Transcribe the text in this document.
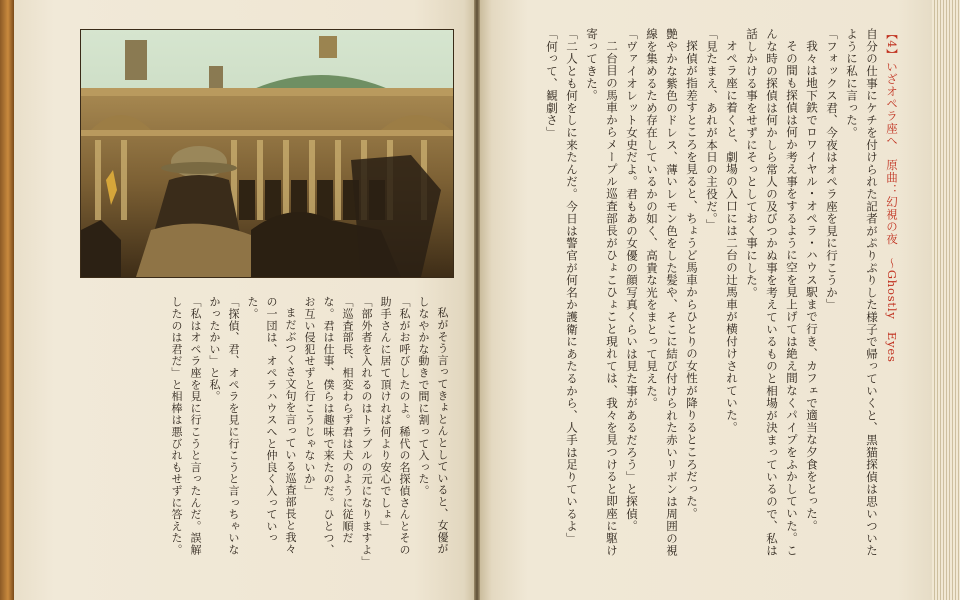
【4】いざオペラ座へ　原曲：幻視の夜　～Ghostly　Eyes

自分の仕事にケチを付けられた記者がぷりぷりした様子で帰っていくと、黒猫探偵は思いついたように私に言った。

「フォックス君、今夜はオペラ座を見に行こうか」

我々は地下鉄でロワイヤル・オペラ・ハウス駅まで行き、カフェで適当な夕食をとった。

その間も探偵は何か考え事をするように空を見上げては絶え間なくパイプをふかしていた。こんな時の探偵は何かしら常人の及びつかぬ事を考えているものと相場が決まっているので、私は話しかける事をせずにそっとしておく事にした。

オペラ座に着くと、劇場の入口には二台の辻馬車が横付けされていた。

「見たまえ、あれが本日の主役だ。」

探偵が指差すところを見ると、ちょうど馬車からひとりの女性が降りるところだった。

艶やかな紫色のドレス、薄いレモン色をした髪や、そこに結び付けられた赤いリボンは周囲の視線を集めるため存在しているかの如く、高貴な光をまとって見えた。

「ヴァイオレット女史だよ。君もあの女優の顔写真くらいは見た事があるだろう」と探偵。

二台目の馬車からメープル巡査部長がひょこひょこと現れては、我々を見つけると即座に駆け寄ってきた。

「二人とも何をしに来たんだ。今日は警官が何名か護衛にあたるから、人手は足りているよ」

「何って、観劇さ」

私がそう言ってきょとんとしていると、女優がしなやかな動きで間に割って入った。

「私がお呼びしたのよ。稀代の名探偵さんとその助手さんに居て頂ければ何より安心でしょ」

「部外者を入れるのはトラブルの元になりますよ」

「巡査部長、相変わらず君は犬のように従順だな。君は仕事、僕らは趣味で来たのだ。ひとつ、お互い侵犯せずと行こうじゃないか」

まだぶつくさ文句を言っている巡査部長と我々の一団は、オペラハウスへと仲良く入っていった。

「探偵、君、オペラを見に行こうと言っちゃいなかったかい」と私。

「私はオペラ座を見に行こうと言ったんだ。誤解したのは君だ」と相棒は悪びれもせずに答えた。
